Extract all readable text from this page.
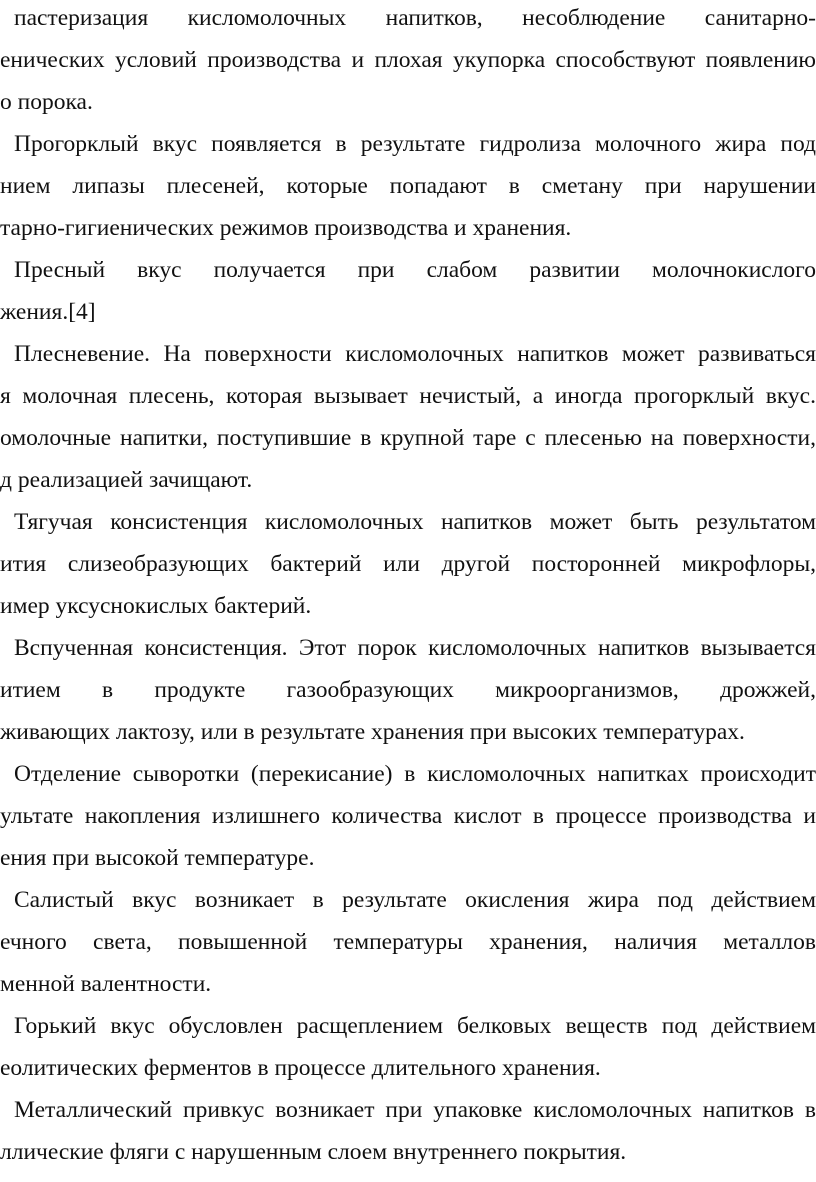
пастеризация кисломолочных напитков, несоблюдение санитарно-
енических условий производства и плохая укупорка способствуют появлению
о порока.
Прогорклый вкус появляется в результате гидролиза молочного жира под
нием липазы плесеней, которые попадают в сметану при нарушении
тарно-гигиенических режимов производства и хранения.
Пресный вкус получается при слабом развитии молочнокислого
жения.[4]
Плесневение. На поверхности кисломолочных напитков может развиваться
я молочная плесень, которая вызывает нечистый, а иногда прогорклый вкус.
омолочные напитки, поступившие в крупной таре с плесенью на поверхности,
д реализацией зачищают.
Тягучая консистенция кисломолочных напитков может быть результатом
ития слизеобразующих бактерий или другой посторонней микрофлоры,
имер уксуснокислых бактерий.
Вспученная консистенция. Этот порок кисломолочных напитков вызывается
итием в продукте газообразующих микроорганизмов, дрожжей,
живающих лактозу, или в результате хранения при высоких температурах.
Отделение сыворотки (перекисание) в кисломолочных напитках происходит
ультате накопления излишнего количества кислот в процессе производства и
ения при высокой температуре.
Салистый вкус возникает в результате окисления жира под действием
ечного света, повышенной температуры хранения, наличия металлов
менной валентности.
Горький вкус обусловлен расщеплением белковых веществ под действием
еолитических ферментов в процессе длительного хранения.
Металлический привкус возникает при упаковке кисломолочных напитков в
ллические фляги с нарушенным слоем внутреннего покрытия.
